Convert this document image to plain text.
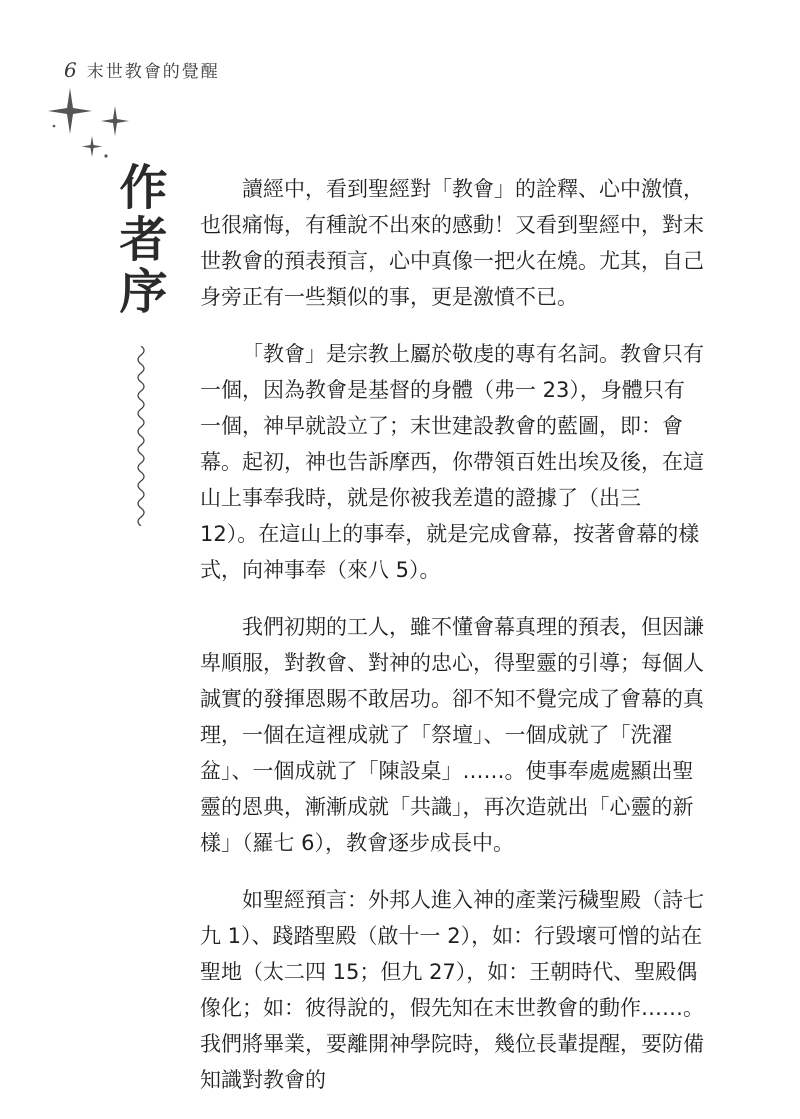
6 末世教會的覺醒
作者序	讀經中，看到聖經對「教會」的詮釋、心中激憤，也很痛悔，有種說不出來的感動！又看到聖經中，對末世教會的預表預言，心中真像一把火在燒。尤其，自己身旁正有一些類似的事，更是激憤不已。

「教會」是宗教上屬於敬虔的專有名詞。教會只有一個，因為教會是基督的身體（弗一 23），身體只有一個，神早就設立了；末世建設教會的藍圖，即：會幕。起初，神也告訴摩西，你帶領百姓出埃及後，在這山上事奉我時，就是你被我差遣的證據了（出三 12）。在這山上的事奉，就是完成會幕，按著會幕的樣式，向神事奉（來八 5）。

我們初期的工人，雖不懂會幕真理的預表，但因謙卑順服，對教會、對神的忠心，得聖靈的引導；每個人誠實的發揮恩賜不敢居功。卻不知不覺完成了會幕的真理，一個在這裡成就了「祭壇」、一個成就了「洗濯盆」、一個成就了「陳設桌」……。使事奉處處顯出聖靈的恩典，漸漸成就「共識」，再次造就出「心靈的新樣」（羅七 6），教會逐步成長中。

如聖經預言：外邦人進入神的產業污穢聖殿（詩七九 1）、踐踏聖殿（啟十一 2），如：行毀壞可憎的站在聖地（太二四 15；但九 27），如：王朝時代、聖殿偶像化；如：彼得說的，假先知在末世教會的動作……。我們將畢業，要離開神學院時，幾位長輩提醒，要防備知識對教會的
